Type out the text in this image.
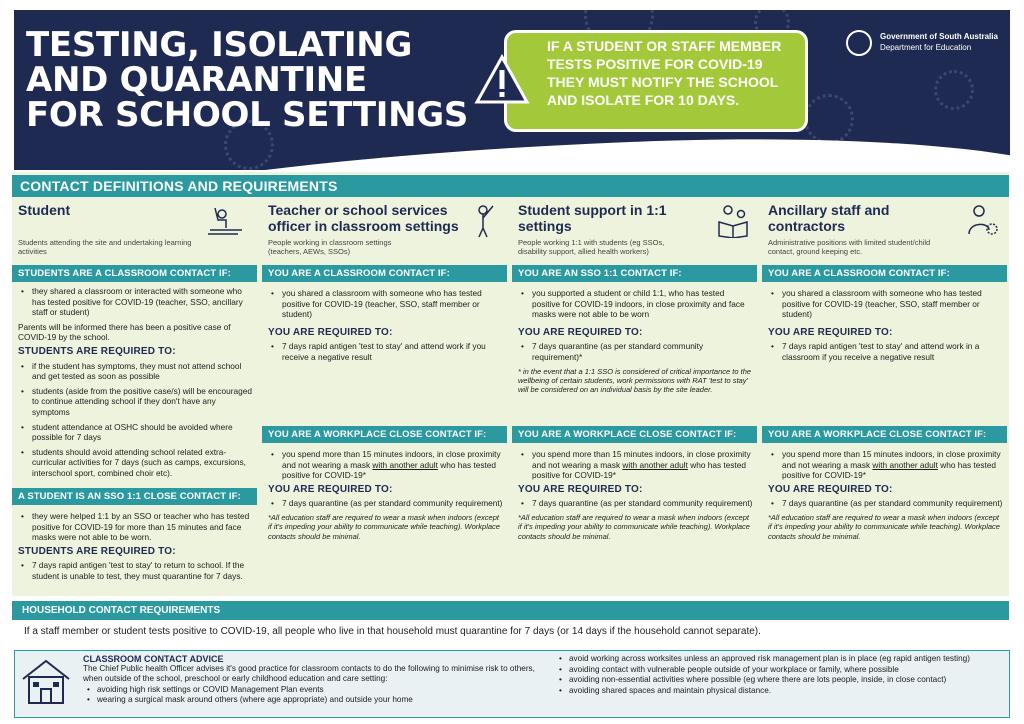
TESTING, ISOLATING
AND QUARANTINE
FOR SCHOOL SETTINGS
IF A STUDENT OR STAFF MEMBER TESTS POSITIVE FOR COVID-19 THEY MUST NOTIFY THE SCHOOL AND ISOLATE FOR 10 DAYS.
Government of South Australia
Department for Education
CONTACT DEFINITIONS AND REQUIREMENTS
Student
Students attending the site and undertaking learning activities
STUDENTS ARE A CLASSROOM CONTACT IF:
• they shared a classroom or interacted with someone who has tested positive for COVID-19 (teacher, SSO, ancillary staff or student)
Parents will be informed there has been a positive case of COVID-19 by the school.
STUDENTS ARE REQUIRED TO:
• if the student has symptoms, they must not attend school and get tested as soon as possible
• students (aside from the positive case/s) will be encouraged to continue attending school if they don't have any symptoms
• student attendance at OSHC should be avoided where possible for 7 days
• students should avoid attending school related extra-curricular activities for 7 days (such as camps, excursions, interschool sport, combined choir etc).
A STUDENT IS AN SSO 1:1 CLOSE CONTACT IF:
• they were helped 1:1 by an SSO or teacher who has tested positive for COVID-19 for more than 15 minutes and face masks were not able to be worn.
STUDENTS ARE REQUIRED TO:
• 7 days rapid antigen 'test to stay' to return to school. If the student is unable to test, they must quarantine for 7 days.
Teacher or school services officer in classroom settings
People working in classroom settings (teachers, AEWs, SSOs)
YOU ARE A CLASSROOM CONTACT IF:
• you shared a classroom with someone who has tested positive for COVID-19 (teacher, SSO, staff member or student)
YOU ARE REQUIRED TO:
• 7 days rapid antigen 'test to stay' and attend work if you receive a negative result
YOU ARE A WORKPLACE CLOSE CONTACT IF:
• you spend more than 15 minutes indoors, in close proximity and not wearing a mask with another adult who has tested positive for COVID-19*
YOU ARE REQUIRED TO:
• 7 days quarantine (as per standard community requirement)
*All education staff are required to wear a mask when indoors (except if it's impeding your ability to communicate while teaching). Workplace contacts should be minimal.
Student support in 1:1 settings
People working 1:1 with students (eg SSOs, disability support, allied health workers)
YOU ARE AN SSO 1:1 CONTACT IF:
• you supported a student or child 1:1, who has tested positive for COVID-19 indoors, in close proximity and face masks were not able to be worn
YOU ARE REQUIRED TO:
• 7 days quarantine (as per standard community requirement)*
* in the event that a 1:1 SSO is considered of critical importance to the wellbeing of certain students, work permissions with RAT 'test to stay' will be considered on an individual basis by the site leader.
YOU ARE A WORKPLACE CLOSE CONTACT IF:
• you spend more than 15 minutes indoors, in close proximity and not wearing a mask with another adult who has tested positive for COVID-19*
YOU ARE REQUIRED TO:
• 7 days quarantine (as per standard community requirement)
*All education staff are required to wear a mask when indoors (except if it's impeding your ability to communicate while teaching). Workplace contacts should be minimal.
Ancillary staff and contractors
Administrative positions with limited student/child contact, ground keeping etc.
YOU ARE A CLASSROOM CONTACT IF:
• you shared a classroom with someone who has tested positive for COVID-19 (teacher, SSO, staff member or student)
YOU ARE REQUIRED TO:
• 7 days rapid antigen 'test to stay' and attend work in a classroom if you receive a negative result
YOU ARE A WORKPLACE CLOSE CONTACT IF:
• you spend more than 15 minutes indoors, in close proximity and not wearing a mask with another adult who has tested positive for COVID-19*
YOU ARE REQUIRED TO:
• 7 days quarantine (as per standard community requirement)
*All education staff are required to wear a mask when indoors (except if it's impeding your ability to communicate while teaching). Workplace contacts should be minimal.
HOUSEHOLD CONTACT REQUIREMENTS
If a staff member or student tests positive to COVID-19, all people who live in that household must quarantine for 7 days (or 14 days if the household cannot separate).
CLASSROOM CONTACT ADVICE
The Chief Public health Officer advises it's good practice for classroom contacts to do the following to minimise risk to others, when outside of the school, preschool or early childhood education and care setting:
• avoiding high risk settings or COVID Management Plan events
• wearing a surgical mask around others (where age appropriate) and outside your home
• avoid working across worksites unless an approved risk management plan is in place (eg rapid antigen testing)
• avoiding contact with vulnerable people outside of your workplace or family, where possible
• avoiding non-essential activities where possible (eg where there are lots people, inside, in close contact)
• avoiding shared spaces and maintain physical distance.
